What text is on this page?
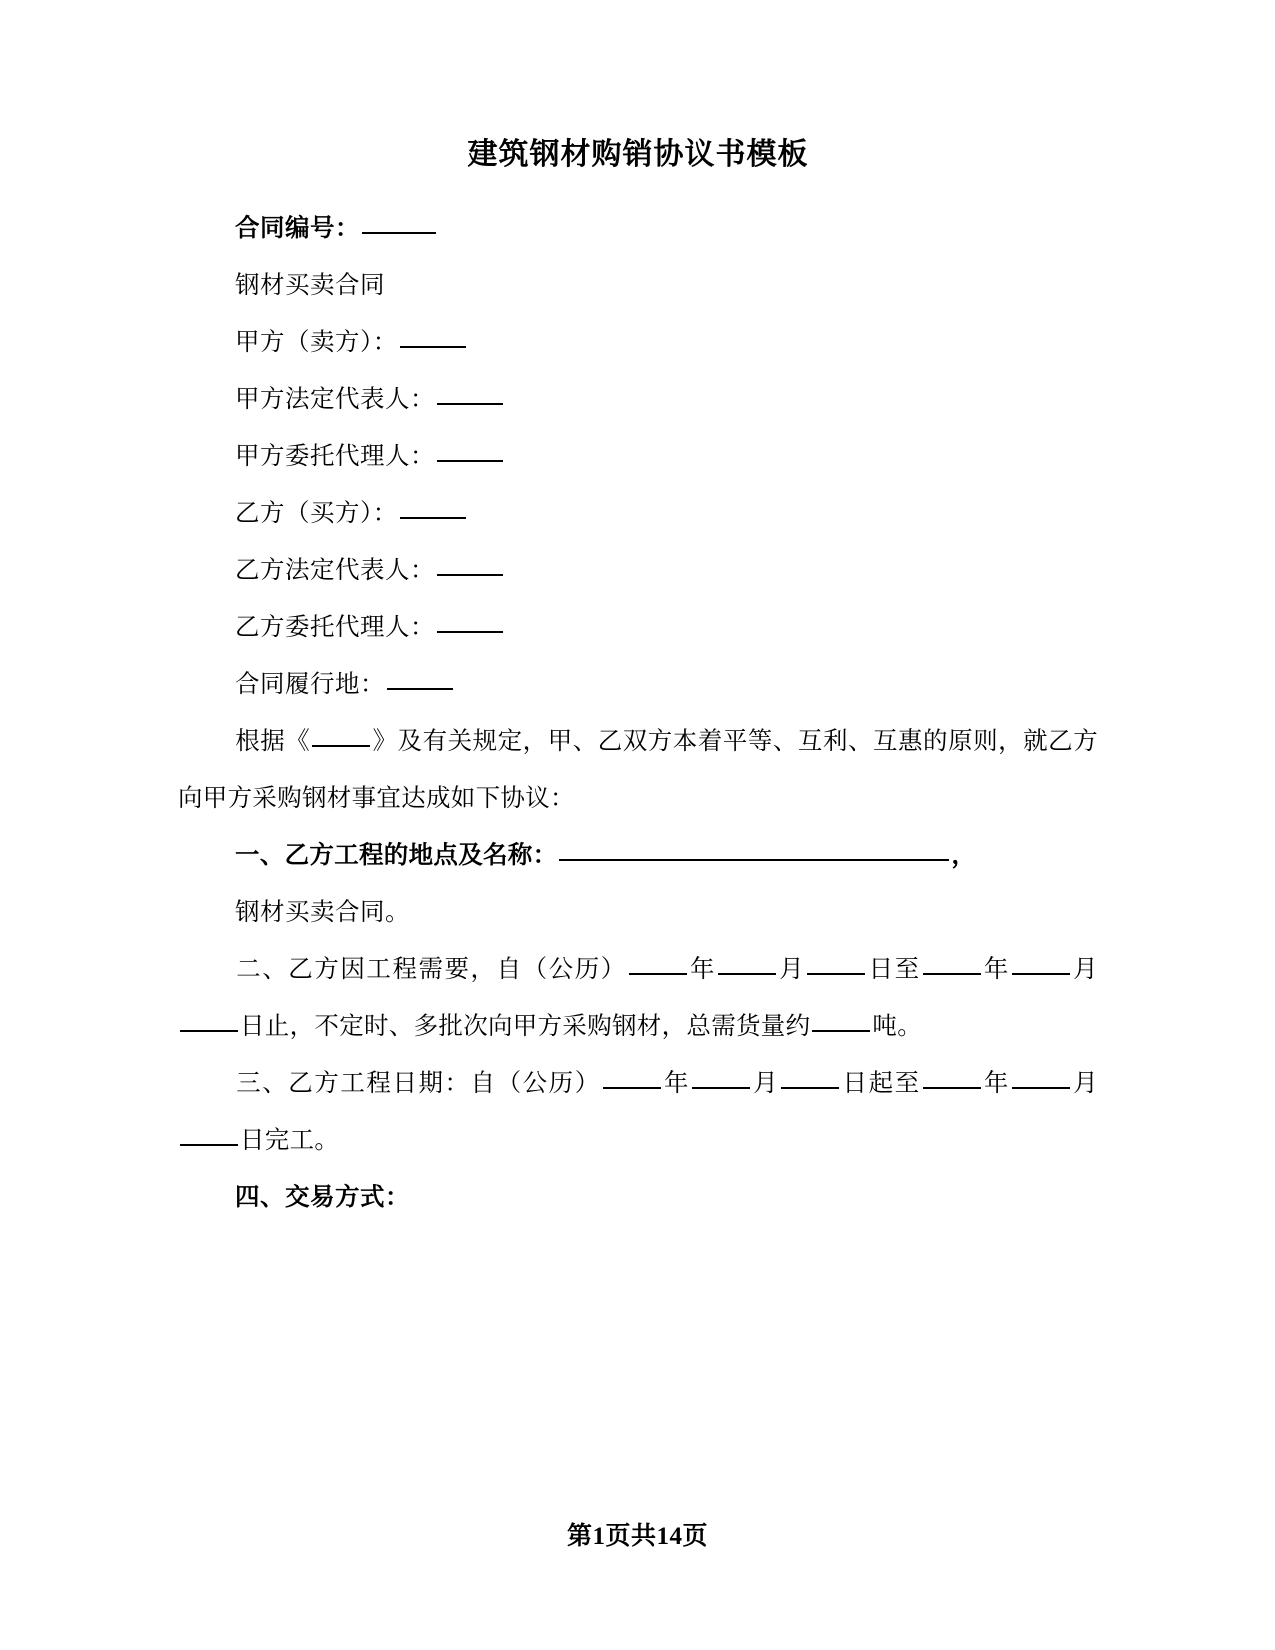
建筑钢材购销协议书模板

合同编号：

钢材买卖合同

甲方（卖方）：

甲方法定代表人：

甲方委托代理人：

乙方（买方）：

乙方法定代表人：

乙方委托代理人：

合同履行地：

根据《	》及有关规定，甲、乙双方本着平等、互利、互惠的原则，就乙方向甲方采购钢材事宜达成如下协议：

一、乙方工程的地点及名称：	，

钢材买卖合同。

二、乙方因工程需要，自（公历）	年	月	日至	年	月日止，不定时、多批次向甲方采购钢材，总需货量约	吨。

三、乙方工程日期：自（公历）	年	月	日起至	年	月日完工。

四、交易方式：

第1页共14页
